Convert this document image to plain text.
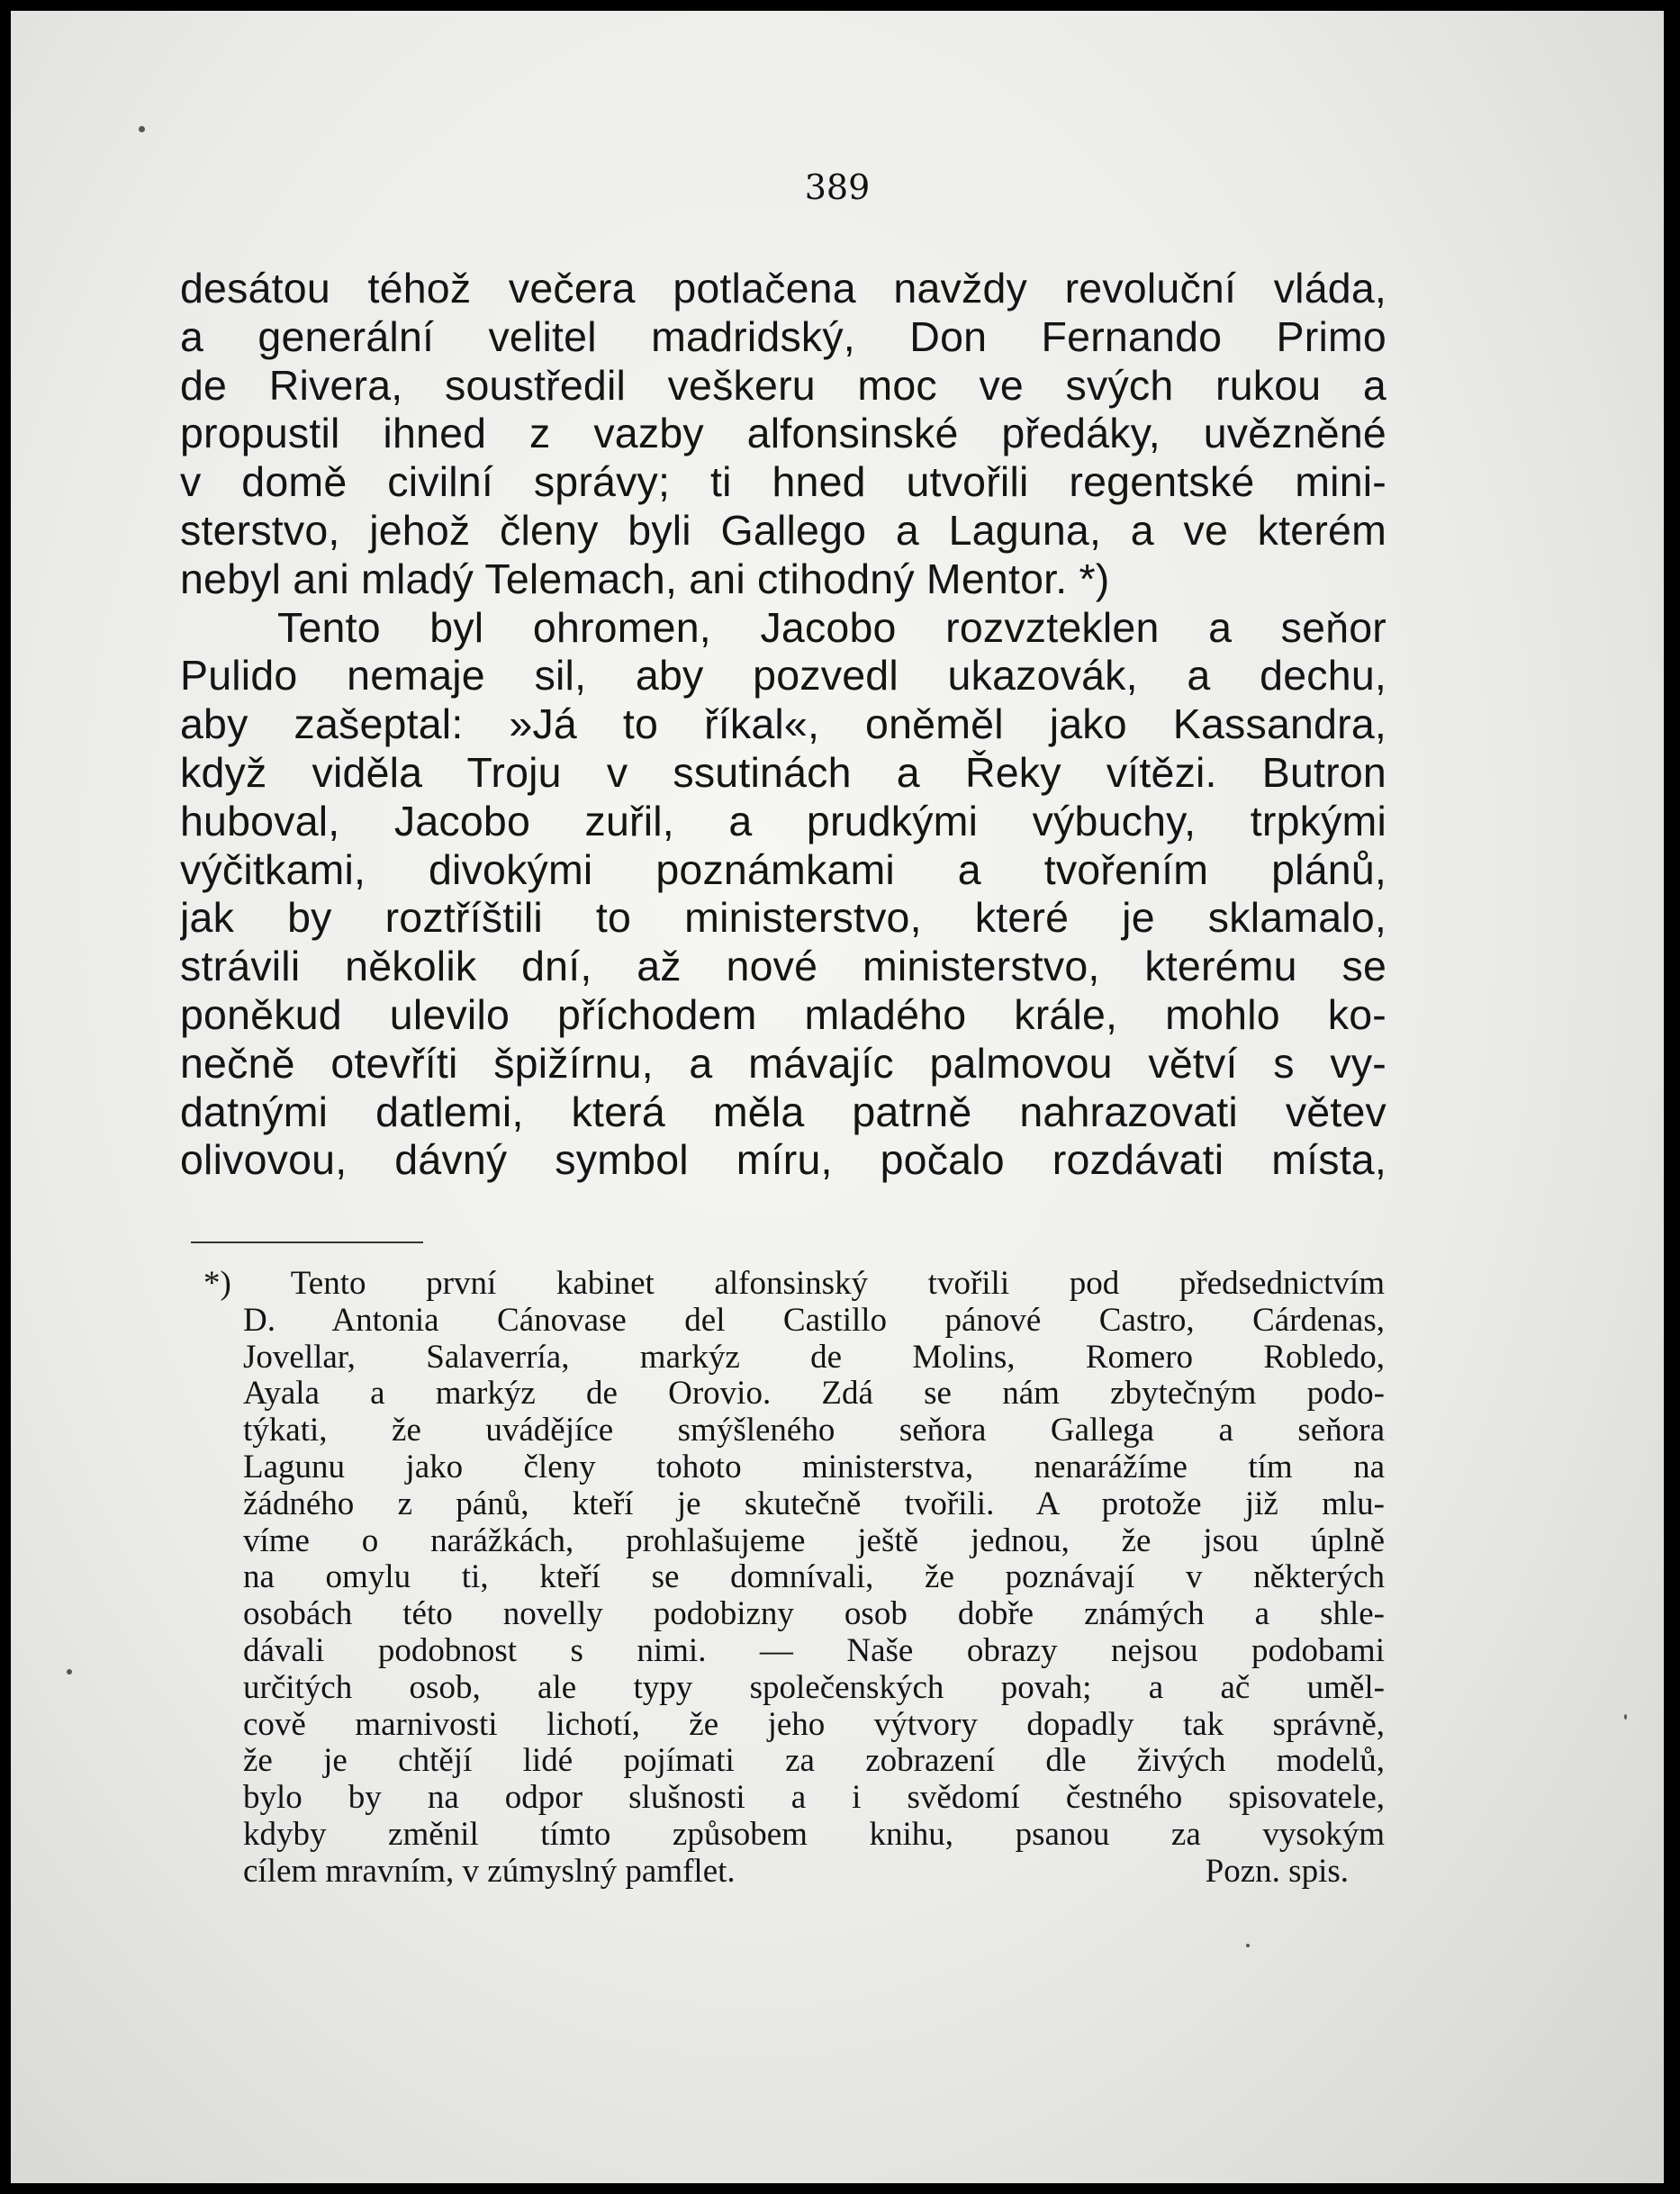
389
desátou téhož večera potlačena navždy revoluční vláda,
a generální velitel madridský, Don Fernando Primo
de Rivera, soustředil veškeru moc ve svých rukou a
propustil ihned z vazby alfonsinské předáky, uvězněné
v domě civilní správy; ti hned utvořili regentské mini-
sterstvo, jehož členy byli Gallego a Laguna, a ve kterém
nebyl ani mladý Telemach, ani ctihodný Mentor. *)
Tento byl ohromen, Jacobo rozvzteklen a seňor
Pulido nemaje sil, aby pozvedl ukazovák, a dechu,
aby zašeptal: »Já to říkal«, oněměl jako Kassandra,
když viděla Troju v ssutinách a Řeky vítězi. Butron
huboval, Jacobo zuřil, a prudkými výbuchy, trpkými
výčitkami, divokými poznámkami a tvořením plánů,
jak by roztříštili to ministerstvo, které je sklamalo,
strávili několik dní, až nové ministerstvo, kterému se
poněkud ulevilo příchodem mladého krále, mohlo ko-
nečně otevříti špižírnu, a mávajíc palmovou větví s vy-
datnými datlemi, která měla patrně nahrazovati větev
olivovou, dávný symbol míru, počalo rozdávati místa,
*) Tento první kabinet alfonsinský tvořili pod předsednictvím
D. Antonia Cánovase del Castillo pánové Castro, Cárdenas,
Jovellar, Salaverría, markýz de Molins, Romero Robledo,
Ayala a markýz de Orovio. Zdá se nám zbytečným podo-
týkati, že uvádějíce smýšleného seňora Gallega a seňora
Lagunu jako členy tohoto ministerstva, nenarážíme tím na
žádného z pánů, kteří je skutečně tvořili. A protože již mlu-
víme o narážkách, prohlašujeme ještě jednou, že jsou úplně
na omylu ti, kteří se domnívali, že poznávají v některých
osobách této novelly podobizny osob dobře známých a shle-
dávali podobnost s nimi. — Naše obrazy nejsou podobami
určitých osob, ale typy společenských povah; a ač uměl-
cově marnivosti lichotí, že jeho výtvory dopadly tak správně,
že je chtějí lidé pojímati za zobrazení dle živých modelů,
bylo by na odpor slušnosti a i svědomí čestného spisovatele,
kdyby změnil tímto způsobem knihu, psanou za vysokým
cílem mravním, v zúmyslný pamflet.	Pozn. spis.
